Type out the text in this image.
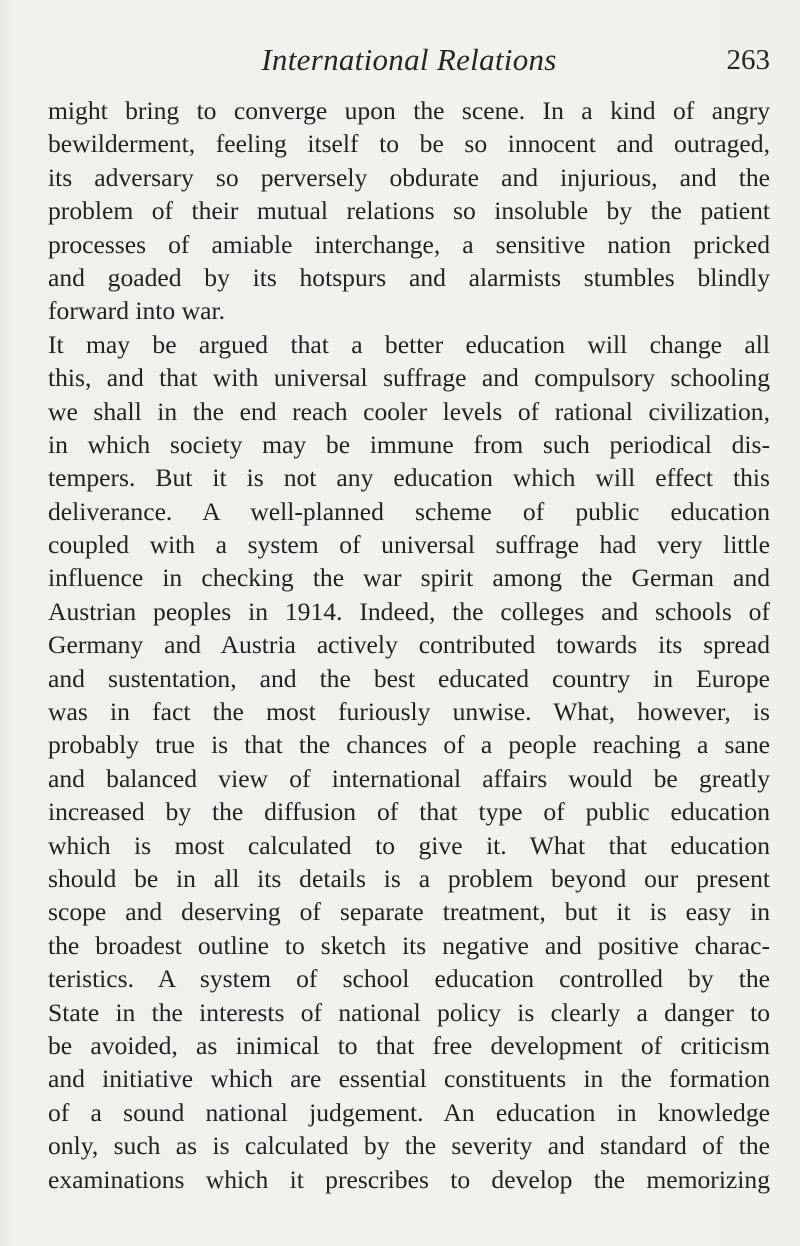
International Relations	263
might bring to converge upon the scene. In a kind of angry
bewilderment, feeling itself to be so innocent and outraged,
its adversary so perversely obdurate and injurious, and the
problem of their mutual relations so insoluble by the patient
processes of amiable interchange, a sensitive nation pricked
and goaded by its hotspurs and alarmists stumbles blindly
forward into war.
It may be argued that a better education will change all
this, and that with universal suffrage and compulsory schooling
we shall in the end reach cooler levels of rational civilization,
in which society may be immune from such periodical dis-
tempers. But it is not any education which will effect this
deliverance. A well-planned scheme of public education
coupled with a system of universal suffrage had very little
influence in checking the war spirit among the German and
Austrian peoples in 1914. Indeed, the colleges and schools of
Germany and Austria actively contributed towards its spread
and sustentation, and the best educated country in Europe
was in fact the most furiously unwise. What, however, is
probably true is that the chances of a people reaching a sane
and balanced view of international affairs would be greatly
increased by the diffusion of that type of public education
which is most calculated to give it. What that education
should be in all its details is a problem beyond our present
scope and deserving of separate treatment, but it is easy in
the broadest outline to sketch its negative and positive charac-
teristics. A system of school education controlled by the
State in the interests of national policy is clearly a danger to
be avoided, as inimical to that free development of criticism
and initiative which are essential constituents in the formation
of a sound national judgement. An education in knowledge
only, such as is calculated by the severity and standard of the
examinations which it prescribes to develop the memorizing
